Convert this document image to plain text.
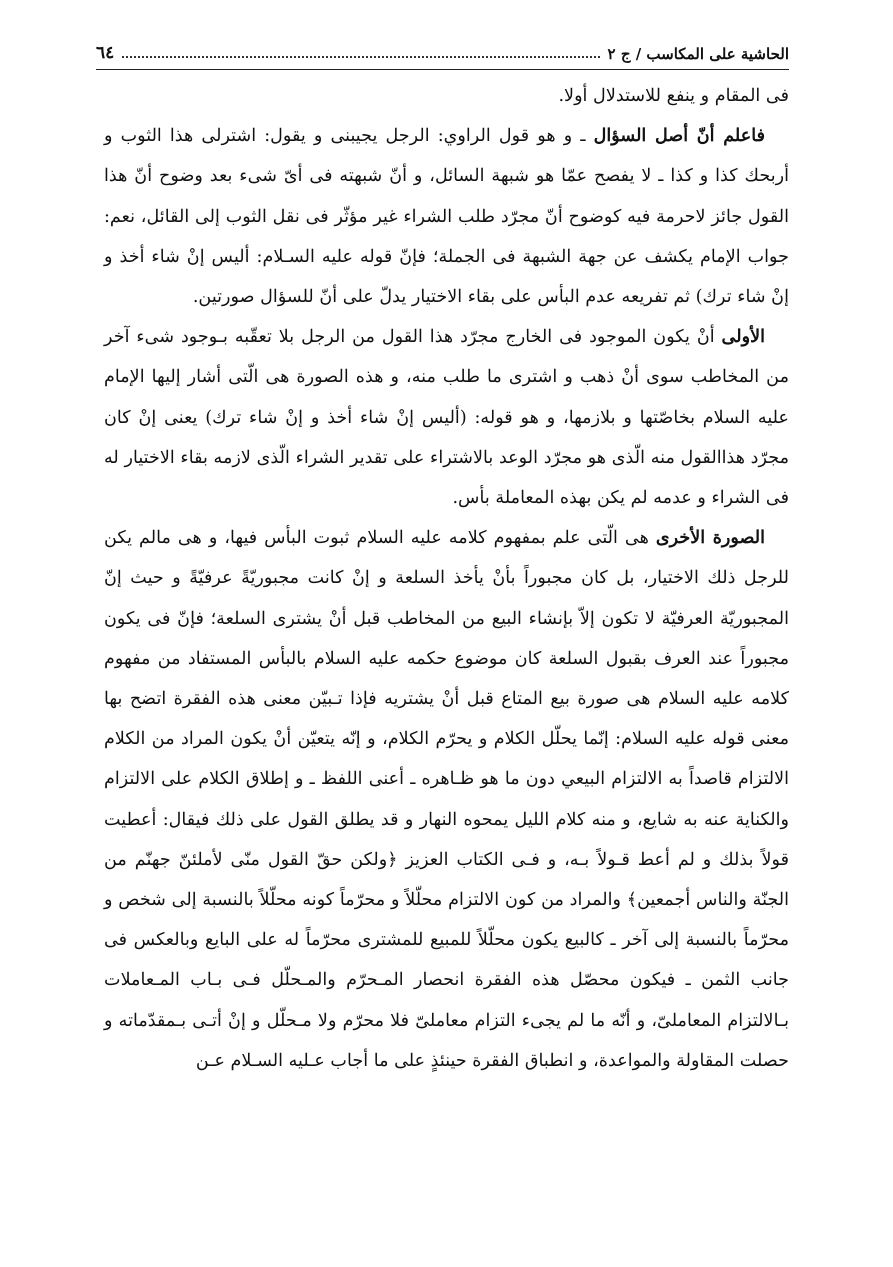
الحاشية على المكاسب / ج ٢
٦٤

فى المقام و ينفع للاستدلال أولا.

فاعلم أنّ أصل السؤال ـ و هو قول الراوي: الرجل يجيبنى و يقول: اشترلى هذا الثوب و أربحك كذا و كذا ـ لا يفصح عمّا هو شبهة السائل، و أنّ شبهته فى أىّ شىء بعد وضوح أنّ هذا القول جائز لاحرمة فيه كوضوح أنّ مجرّد طلب الشراء غير مؤثّر فى نقل الثوب إلى القائل، نعم: جواب الإمام يكشف عن جهة الشبهة فى الجملة؛ فإنّ قوله عليه السـلام: أليس إنْ شاء أخذ و إنْ شاء ترك) ثم تفريعه عدم البأس على بقاء الاختيار يدلّ على أنّ للسؤال صورتين.

الأولى أنْ يكون الموجود فى الخارج مجرّد هذا القول من الرجل بلا تعقّبه بـوجود شىء آخر من المخاطب سوى أنْ ذهب و اشترى ما طلب منه، و هذه الصورة هى الّتى أشار إليها الإمام عليه السلام بخاصّتها و بلازمها، و هو قوله: (أليس إنْ شاء أخذ و إنْ شاء ترك) يعنى إنْ كان مجرّد هذاالقول منه الّذى هو مجرّد الوعد بالاشتراء على تقدير الشراء الّذى لازمه بقاء الاختيار له فى الشراء و عدمه لم يكن بهذه المعاملة بأس.

الصورة الأخرى هى الّتى علم بمفهوم كلامه عليه السلام ثبوت البأس فيها، و هى مالم يكن للرجل ذلك الاختيار، بل كان مجبوراً بأنْ يأخذ السلعة و إنْ كانت مجبوريّةً عرفيّةً و حيث إنّ المجبوريّة العرفيّة لا تكون إلاّ بإنشاء البيع من المخاطب قبل أنْ يشترى السلعة؛ فإنّ فى يكون مجبوراً عند العرف بقبول السلعة كان موضوع حكمه عليه السلام بالبأس المستفاد من مفهوم كلامه عليه السلام هى صورة بيع المتاع قبل أنْ يشتريه فإذا تـبيّن معنى هذه الفقرة اتضح بها معنى قوله عليه السلام: إنّما يحلّل الكلام و يحرّم الكلام، و إنّه يتعيّن أنْ يكون المراد من الكلام الالتزام قاصداً به الالتزام البيعي دون ما هو ظـاهره ـ أعنى اللفظ ـ و إطلاق الكلام على الالتزام والكناية عنه به شايع، و منه كلام الليل يمحوه النهار و قد يطلق القول على ذلك فيقال: أعطيت قولاً بذلك و لم أعط قـولاً بـه، و فـى الكتاب العزيز ﴿ولكن حقّ القول منّى لأملئنّ جهنّم من الجنّة والناس أجمعين﴾ والمراد من كون الالتزام محلّلاً و محرّماً كونه محلّلاً بالنسبة إلى شخص و محرّماً بالنسبة إلى آخر ـ كالبيع يكون محلّلاً للمبيع للمشترى محرّماً له على البايع وبالعكس فى جانب الثمن ـ فيكون محصّل هذه الفقرة انحصار المـحرّم والمـحلّل فـى بـاب المـعاملات بـالالتزام المعاملىّ، و أنّه ما لم يجىء التزام معاملىّ فلا محرّم ولا مـحلّل و إنْ أتـى بـمقدّماته و حصلت المقاولة والمواعدة، و انطباق الفقرة حينئذٍ على ما أجاب عـليه السـلام عـن
